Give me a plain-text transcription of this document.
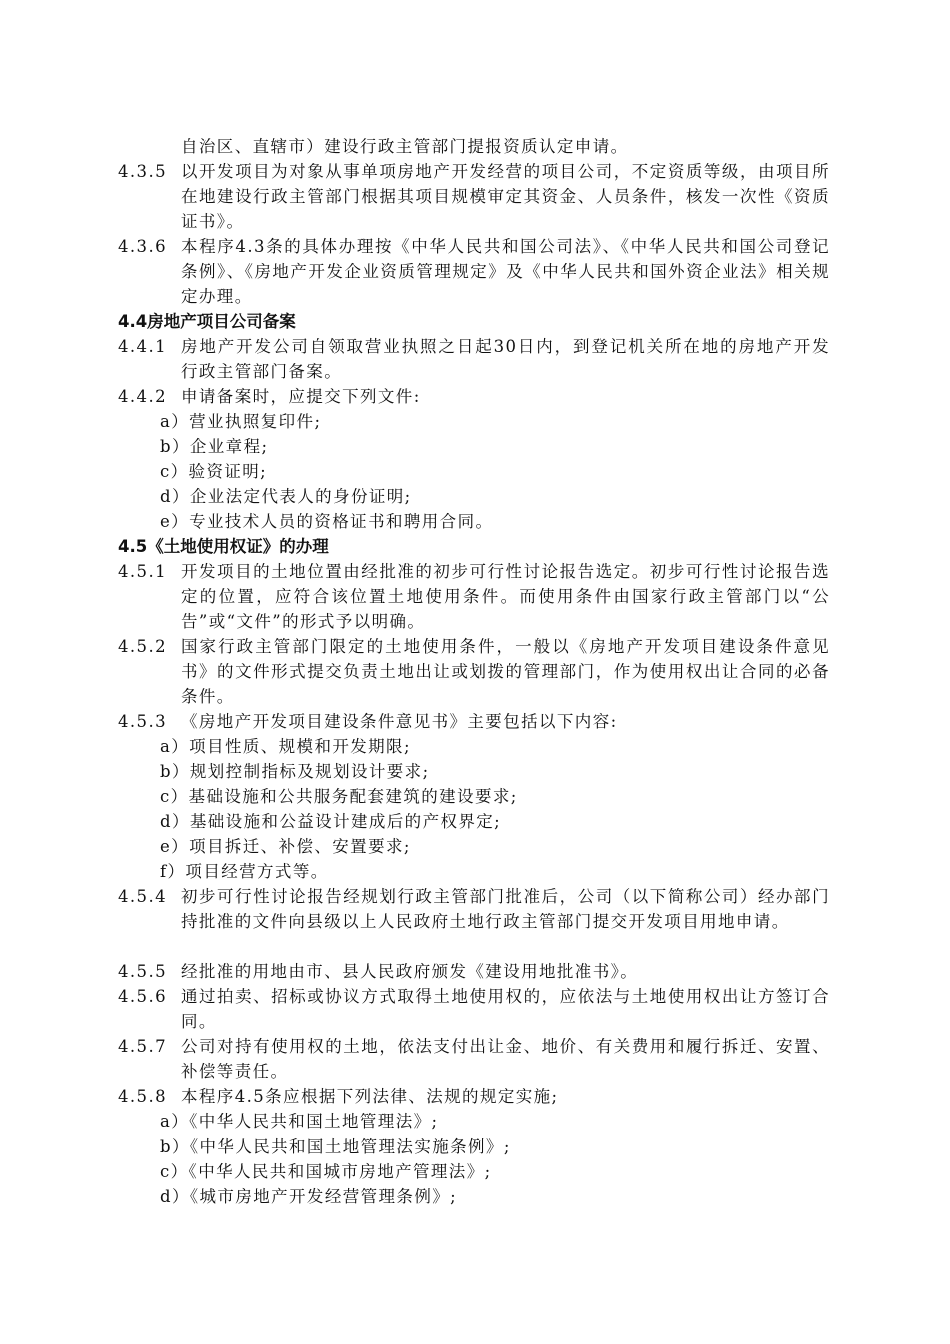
自治区、直辖市）建设行政主管部门提报资质认定申请。
4.3.5 以开发项目为对象从事单项房地产开发经营的项目公司，不定资质等级，由项目所在地建设行政主管部门根据其项目规模审定其资金、人员条件，核发一次性《资质证书》。
4.3.6 本程序4.3条的具体办理按《中华人民共和国公司法》、《中华人民共和国公司登记条例》、《房地产开发企业资质管理规定》及《中华人民共和国外资企业法》相关规定办理。
4.4房地产项目公司备案
4.4.1 房地产开发公司自领取营业执照之日起30日内，到登记机关所在地的房地产开发行政主管部门备案。
4.4.2 申请备案时，应提交下列文件:
a）营业执照复印件;
b）企业章程;
c）验资证明;
d）企业法定代表人的身份证明;
e）专业技术人员的资格证书和聘用合同。
4.5《土地使用权证》的办理
4.5.1 开发项目的土地位置由经批准的初步可行性讨论报告选定。初步可行性讨论报告选定的位置，应符合该位置土地使用条件。而使用条件由国家行政主管部门以“公告”或“文件”的形式予以明确。
4.5.2 国家行政主管部门限定的土地使用条件，一般以《房地产开发项目建设条件意见书》的文件形式提交负责土地出让或划拨的管理部门，作为使用权出让合同的必备条件。
4.5.3 《房地产开发项目建设条件意见书》主要包括以下内容:
a）项目性质、规模和开发期限;
b）规划控制指标及规划设计要求;
c）基础设施和公共服务配套建筑的建设要求;
d）基础设施和公益设计建成后的产权界定;
e）项目拆迁、补偿、安置要求;
f）项目经营方式等。
4.5.4 初步可行性讨论报告经规划行政主管部门批准后，公司（以下简称公司）经办部门持批准的文件向县级以上人民政府土地行政主管部门提交开发项目用地申请。
4.5.5 经批准的用地由市、县人民政府颁发《建设用地批准书》。
4.5.6 通过拍卖、招标或协议方式取得土地使用权的，应依法与土地使用权出让方签订合同。
4.5.7 公司对持有使用权的土地，依法支付出让金、地价、有关费用和履行拆迁、安置、补偿等责任。
4.5.8 本程序4.5条应根据下列法律、法规的规定实施;
a）《中华人民共和国土地管理法》;
b）《中华人民共和国土地管理法实施条例》;
c）《中华人民共和国城市房地产管理法》;
d）《城市房地产开发经营管理条例》;
